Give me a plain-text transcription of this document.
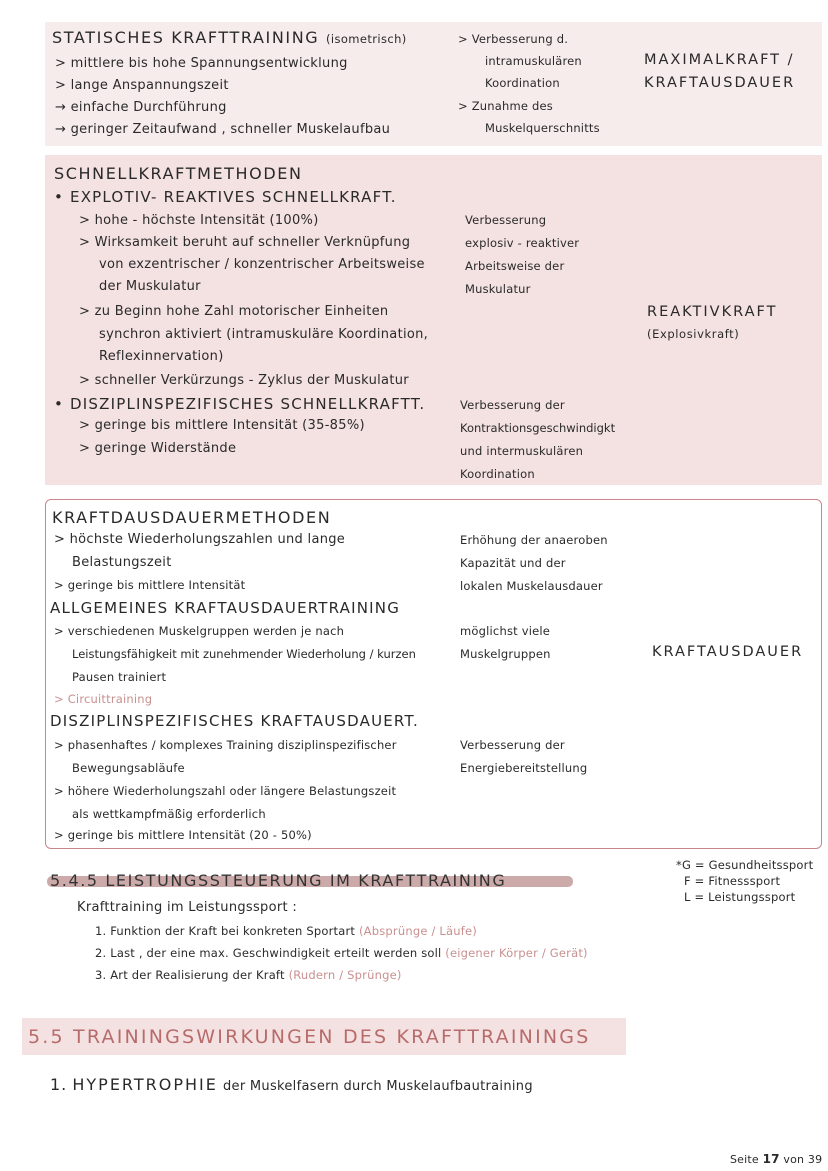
STATISCHES KRAFTTRAINING (isometrisch)
> mittlere bis hohe Spannungsentwicklung
> lange Anspannungszeit
→ einfache Durchführung
→ geringer Zeitaufwand , schneller Muskelaufbau
> Verbesserung d.
intramuskulären
Koordination
> Zunahme des
Muskelquerschnitts
MAXIMALKRAFT /
KRAFTAUSDAUER
SCHNELLKRAFTMETHODEN
• EXPLOTIV- REAKTIVES SCHNELLKRAFT.
> hohe - höchste Intensität (100%)
> Wirksamkeit beruht auf schneller Verknüpfung
von exzentrischer / konzentrischer Arbeitsweise
der Muskulatur
> zu Beginn hohe Zahl motorischer Einheiten
synchron aktiviert (intramuskuläre Koordination,
Reflexinnervation)
> schneller Verkürzungs - Zyklus der Muskulatur
Verbesserung
explosiv - reaktiver
Arbeitsweise der
Muskulatur
REAKTIVKRAFT
(Explosivkraft)
• DISZIPLINSPEZIFISCHES SCHNELLKRAFTT.
> geringe bis mittlere Intensität (35-85%)
> geringe Widerstände
Verbesserung der
Kontraktionsgeschwindigkt
und intermuskulären
Koordination
KRAFTDAUSDAUERMETHODEN
> höchste Wiederholungszahlen und lange
Belastungszeit
> geringe bis mittlere Intensität
Erhöhung der anaeroben
Kapazität und der
lokalen Muskelausdauer
ALLGEMEINES KRAFTAUSDAUERTRAINING
> verschiedenen Muskelgruppen werden je nach
Leistungsfähigkeit mit zunehmender Wiederholung / kurzen
Pausen trainiert
> Circuittraining
möglichst viele
Muskelgruppen	KRAFTAUSDAUER
DISZIPLINSPEZIFISCHES KRAFTAUSDAUERT.
> phasenhaftes / komplexes Training disziplinspezifischer
Bewegungsabläufe
> höhere Wiederholungszahl oder längere Belastungszeit
als wettkampfmäßig erforderlich
> geringe bis mittlere Intensität (20 - 50%)
Verbesserung der
Energiebereitstellung
*G = Gesundheitssport
F = Fitnesssport
L = Leistungssport
5.4.5 LEISTUNGSSTEUERUNG IM KRAFTTRAINING
Krafttraining im Leistungssport :
1. Funktion der Kraft bei konkreten Sportart (Absprünge / Läufe)
2. Last , der eine max. Geschwindigkeit erteilt werden soll (eigener Körper / Gerät)
3. Art der Realisierung der Kraft (Rudern / Sprünge)
5.5 TRAININGSWIRKUNGEN DES KRAFTTRAININGS
1. HYPERTROPHIE der Muskelfasern durch Muskelaufbautraining
Seite 17 von 39
